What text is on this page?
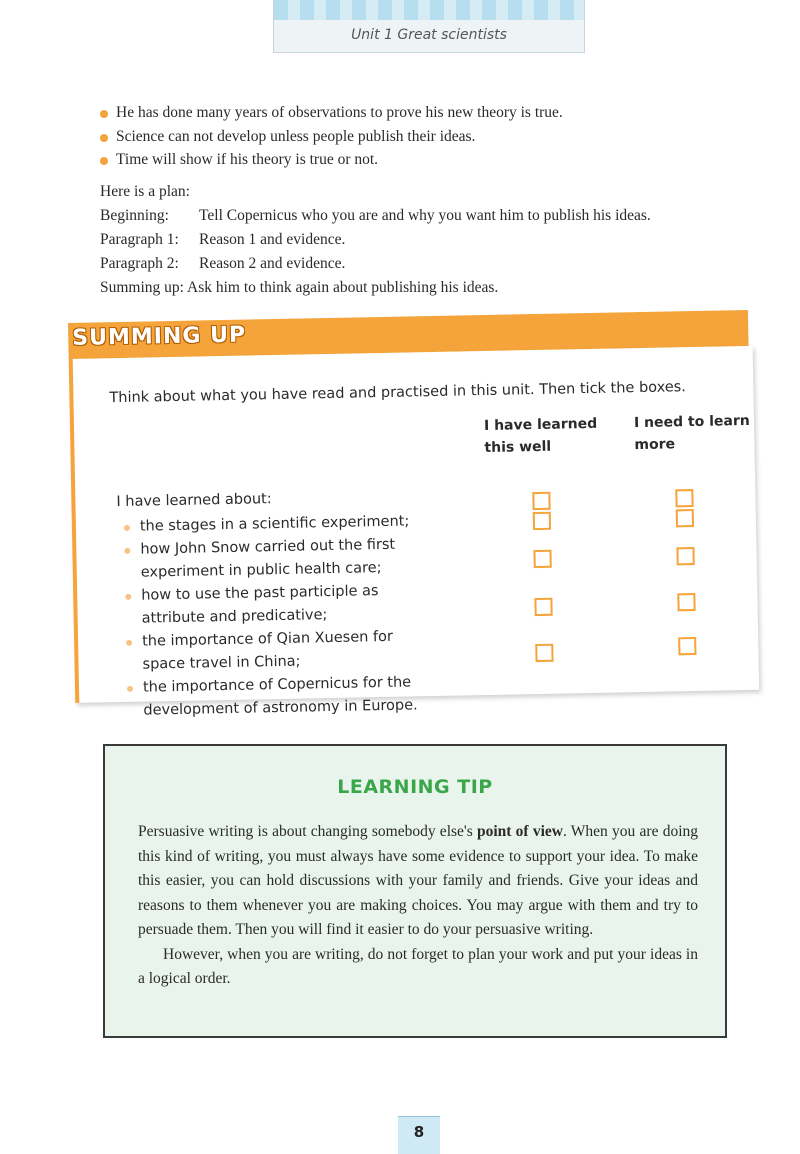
Unit 1 Great scientists
He has done many years of observations to prove his new theory is true.
Science can not develop unless people publish their ideas.
Time will show if his theory is true or not.
Here is a plan:
Beginning: Tell Copernicus who you are and why you want him to publish his ideas.
Paragraph 1: Reason 1 and evidence.
Paragraph 2: Reason 2 and evidence.
Summing up: Ask him to think again about publishing his ideas.
SUMMING UP
Think about what you have read and practised in this unit. Then tick the boxes.
I have learned
this well
I need to learn
more
I have learned about:
the stages in a scientific experiment;
how John Snow carried out the first
experiment in public health care;
how to use the past participle as
attribute and predicative;
the importance of Qian Xuesen for
space travel in China;
the importance of Copernicus for the
development of astronomy in Europe.
LEARNING TIP

Persuasive writing is about changing somebody else's point of view. When you are doing this kind of writing, you must always have some evidence to support your idea. To make this easier, you can hold discussions with your family and friends. Give your ideas and reasons to them whenever you are making choices. You may argue with them and try to persuade them. Then you will find it easier to do your persuasive writing.

However, when you are writing, do not forget to plan your work and put your ideas in a logical order.

8
